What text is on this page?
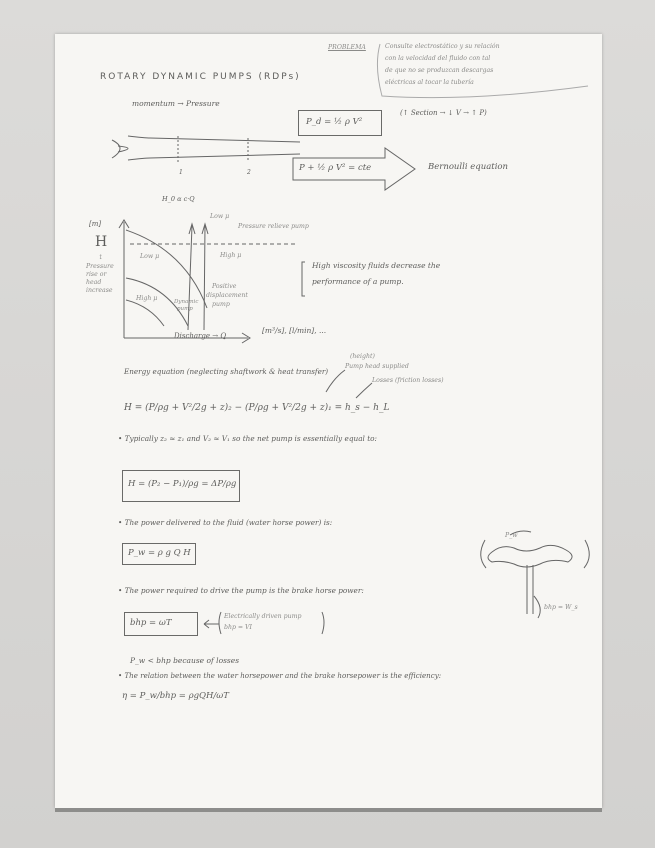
ROTARY DYNAMIC PUMPS (RDPs)
PROBLEMA	Consulte electrostático y su relación
con la velocidad del fluido con tal
de que no se produzcan descargas
eléctricas al tocar la tubería
momentum → Pressure
P_d = ½ ρ V²
(↑ Section → ↓ V → ↑ P)
P + ½ ρ V² = cte	Bernoulli equation
1	2
H_0 α c·Q
[m]
H
↕
Pressure
rise or
head
increase
Low μ
Low μ	High μ
High μ
Pressure relieve pump
Dynamic
pump
Positive
displacement
pump
Discharge → Q
[m³/s], [l/min], ...
High viscosity fluids decrease the
performance of a pump.
Energy equation (neglecting shaftwork & heat transfer)
(height)
Pump head supplied
Losses (friction losses)
H = (P/ρg + V²/2g + z)₂ − (P/ρg + V²/2g + z)₁ = h_s − h_L
• Typically z₂ ≈ z₁ and V₂ ≈ V₁ so the net pump is essentially equal to:
H = (P₂ − P₁)/ρg = ΔP/ρg
• The power delivered to the fluid (water horse power) is:
P_w = ρ g Q H
• The power required to drive the pump is the brake horse power:
bhp = ωT
Electrically driven pump
bhp = VI
P_w
bhp = W_s
P_w < bhp because of losses
• The relation between the water horsepower and the brake horsepower is the efficiency:
η = P_w/bhp = ρgQH/ωT
